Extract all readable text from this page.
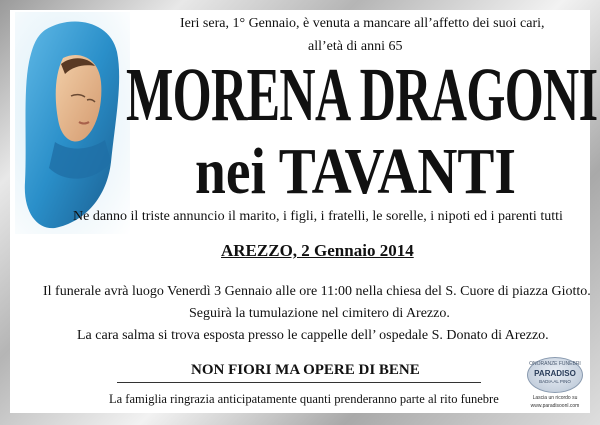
Ieri sera, 1° Gennaio, è venuta a mancare all’affetto dei suoi cari,
all’età di anni 65
MORENA DRAGONI
nei TAVANTI
Ne danno il triste annuncio il marito, i figli, i fratelli, le sorelle, i nipoti ed i parenti tutti
AREZZO, 2 Gennaio 2014
Il funerale avrà luogo Venerdì 3 Gennaio alle ore 11:00 nella chiesa del S. Cuore di piazza Giotto.
Seguirà la tumulazione nel cimitero di Arezzo.
La cara salma si trova esposta presso le cappelle dell’ ospedale S. Donato di Arezzo.
NON FIORI MA OPERE DI BENE
La famiglia ringrazia anticipatamente quanti prenderanno parte al rito funebre
ONORANZE FUNEBRI
PARADISO
BADIA AL PINO
Lascia un ricordo su
www.paradisoonl.com
